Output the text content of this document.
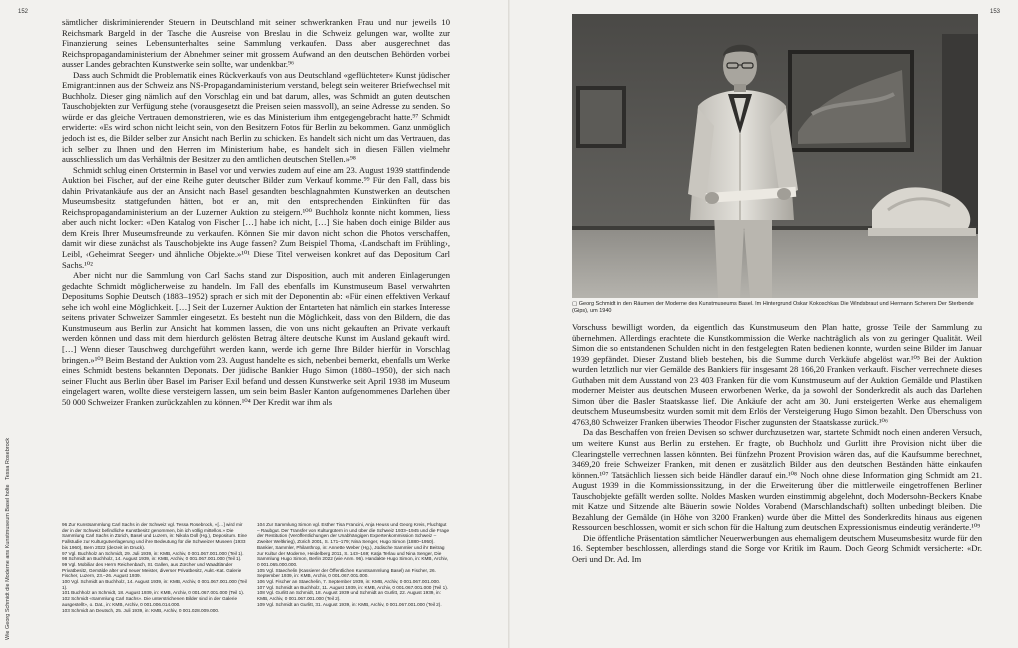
152
Wie Georg Schmidt die Moderne ans Kunstmuseum Basel holte
Tessa Rosebrock

sämtlicher diskriminierender Steuern in Deutschland mit seiner schwerkranken Frau und nur jeweils 10 Reichsmark Bargeld in der Tasche die Ausreise von Breslau in die Schweiz gelungen war, wollte zur Finanzierung seines Lebensunterhaltes seine Sammlung verkaufen. Dass aber ausgerechnet das Reichspropagandaministerium der Abnehmer seiner mit grossem Aufwand an den deutschen Behörden vorbei ausser Landes gebrachten Kunstwerke sein sollte, war undenkbar.⁹⁶

Dass auch Schmidt die Problematik eines Rückverkaufs von aus Deutschland «geflüchteter» Kunst jüdischer Emigrant:innen aus der Schweiz ans NS-Propagandaministerium verstand, belegt sein weiterer Briefwechsel mit Buchholz. Dieser ging nämlich auf den Vorschlag ein und bat darum, alles, was Schmidt an guten deutschen Tauschobjekten zur Verfügung stehe (vorausgesetzt die Preisen seien massvoll), an seine Adresse zu senden. So würde er das gleiche Vertrauen demonstrieren, wie es das Ministerium ihm entgegengebracht hatte.⁹⁷ Schmidt erwiderte: «Es wird schon nicht leicht sein, von den Besitzern Fotos für Berlin zu bekommen. Ganz unmöglich jedoch ist es, die Bilder selber zur Ansicht nach Berlin zu schicken. Es handelt sich nicht um das Vertrauen, das ich selber zu Ihnen und den Herren im Ministerium habe, es handelt sich in diesen Fällen vielmehr ausschliesslich um das Verhältnis der Besitzer zu den amtlichen deutschen Stellen.»⁹⁸

Schmidt schlug einen Ortstermin in Basel vor und verwies zudem auf eine am 23. August 1939 stattfindende Auktion bei Fischer, auf der eine Reihe guter deutscher Bilder zum Verkauf komme.⁹⁹ Für den Fall, dass bis dahin Privatankäufe aus der an Ansicht nach Basel gesandten beschlagnahmten Kunstwerken an deutschen Museumsbesitz stattgefunden hätten, bot er an, mit den entsprechenden Einkünften für das Reichspropagandaministerium an der Luzerner Auktion zu steigern.¹⁰⁰ Buchholz konnte nicht kommen, liess aber auch nicht locker: «Den Katalog von Fischer […] habe ich nicht, […] Sie haben doch einige Bilder aus dem Kreis Ihrer Museumsfreunde zu verkaufen. Können Sie mir davon nicht schon die Photos verschaffen, damit wir diese zunächst als Tauschobjekte ins Auge fassen? Zum Beispiel Thoma, ‹Landschaft im Frühling›, Leibl, ‹Geheimrat Seeger› und ähnliche Objekte.»¹⁰¹ Diese Titel verweisen konkret auf das Depositum Carl Sachs.¹⁰²

Aber nicht nur die Sammlung von Carl Sachs stand zur Disposition, auch mit anderen Einlagerungen gedachte Schmidt möglicherweise zu handeln. Im Fall des ebenfalls im Kunstmuseum Basel verwahrten Depositums Sophie Deutsch (1883–1952) sprach er sich mit der Deponentin ab: «Für einen effektiven Verkauf sehe ich wohl eine Möglichkeit. […] Seit der Luzerner Auktion der Entarteten hat nämlich ein starkes Interesse seitens privater Schweizer Sammler eingesetzt. Es besteht nun die Möglichkeit, dass von den Bildern, die das Kunstmuseum aus Berlin zur Ansicht hat kommen lassen, die von uns nicht gekauften an Private verkauft werden können und dass mit dem hierdurch gelösten Betrag ältere deutsche Kunst im Ausland gekauft wird. […] Wenn dieser Tauschweg durchgeführt werden kann, werde ich gerne Ihre Bilder hierfür in Vorschlag bringen.»¹⁰³ Beim Bestand der Auktion vom 23. August handelte es sich, nebenbei bemerkt, ebenfalls um Werke eines Schmidt bestens bekannten Deponats. Der jüdische Bankier Hugo Simon (1880–1950), der sich nach seiner Flucht aus Berlin über Basel im Pariser Exil befand und dessen Kunstwerke seit April 1938 im Museum eingelagert waren, wollte diese versteigern lassen, um sein beim Basler Kanton aufgenommenes Darlehen über 50 000 Schweizer Franken zurückzahlen zu können.¹⁰⁴ Der Kredit war ihm als

96 Zur Kunstsammlung Carl Sachs in der Schweiz vgl. Tessa Rosebrock, «[…] wird mir der in der Schweiz befindliche Kunstbesitz genommen, bin ich völlig mittellos.» Die Sammlung Carl Sachs in Zürich, Basel und Luzern, in: Nikola Doll (Hg.), Depositum. Eine Fallstudie zur Kulturgutverlagerung und ihre Bedeutung für die Schweizer Museen (1933 bis 1960), Bern 2022 (derzeit im Druck).
97 Vgl. Buchholz an Schmidt, 29. Juli 1939, in: KMB, Archiv, 0 001.067.001.000 (Teil 1).
98 Schmidt an Buchholz, 14. August 1939, in: KMB, Archiv, 0 001.067.001.000 (Teil 1).
99 Vgl. Mobiliar des Herrn Reichenbach, St. Gallen, aus Zürcher und Waadtländer Privatbesitz, Gemälde alter und neuer Meister, diverser Privatbesitz, Aukt.-Kat. Galerie Fischer, Luzern, 23.–26. August 1939.
100 Vgl. Schmidt an Buchholz, 14. August 1939, in: KMB, Archiv, 0 001.067.001.000 (Teil 1).
101 Buchholz an Schmidt, 18. August 1939, in: KMB, Archiv, 0 001.067.001.000 (Teil 1).
102 Schmidt «Sammlung Carl Sachs». Die unterstrichenen Bilder sind in der Galerie ausgestellt», o. Dat., in: KMB, Archiv, 0 001.006.014.000.
103 Schmidt an Deutsch, 25. Juli 1939, in: KMB, Archiv, 0 001.028.009.000.
104 Zur Sammlung Simon vgl. Esther Tisa Francini, Anja Heuss und Georg Kreis, Fluchtgut – Raubgut. Der Transfer von Kulturgütern in und über die Schweiz 1933–1945 und die Frage der Restitution (Veröffentlichungen der Unabhängigen Expertenkommission Schweiz – Zweiter Weltkrieg), Zürich 2001, S. 171–179; Nina Senger, Hugo Simon (1880–1950). Bankier, Sammler, Philanthrop, in: Annette Weber (Hg.), Jüdische Sammler und ihr Beitrag zur Kultur der Moderne, Heidelberg 2011, S. 143–169; Katja Terlau und Nina Senger, Die Sammlung Hugo Simon, Berlin 2022 (wie Anm. 96). Handakte Hugo Simon, in: KMB, Archiv, 0 001.065.000.000.
105 Vgl. Staechelin (Kassierer der Öffentlichen Kunstsammlung Basel) an Fischer, 26. September 1939, in: KMB, Archiv, 0 001.067.001.000.
106 Vgl. Fischer an Staechelin, 7. September 1939, in: KMB, Archiv, 0 001.067.001.000.
107 Vgl. Schmidt an Buchholz, 11. August 1939, in: KMB, Archiv, 0 001.067.001.000 (Teil 1).
108 Vgl. Gurlitt an Schmidt, 18. August 1939 und Schmidt an Gurlitt, 22. August 1939, in: KMB, Archiv, 0 001.067.001.000 (Teil 2).
109 Vgl. Schmidt an Gurlitt, 31. August 1939, in: KMB, Archiv, 0 001.067.001.000 (Teil 2).
153
▢ Georg Schmidt in den Räumen der Moderne des Kunstmuseums Basel. Im Hintergrund Oskar Kokoschkas Die Windsbraut und Hermann Scherers Der Sterbende (Gips), um 1940

Vorschuss bewilligt worden, da eigentlich das Kunstmuseum den Plan hatte, grosse Teile der Sammlung zu übernehmen. Allerdings erachtete die Kunstkommission die Werke nachträglich als von zu geringer Qualität. Weil Simon die so entstandenen Schulden nicht in den festgelegten Raten bedienen konnte, wurden seine Bilder im Januar 1939 gepfändet. Dieser Zustand blieb bestehen, bis die Summe durch Verkäufe abgelöst war.¹⁰⁵ Bei der Auktion wurden letztlich nur vier Gemälde des Bankiers für insgesamt 28 166,20 Franken verkauft. Fischer verrechnete dieses Guthaben mit dem Ausstand von 23 403 Franken für die vom Kunstmuseum auf der Auktion Gemälde und Plastiken moderner Meister aus deutschen Museen erworbenen Werke, da ja sowohl der Sonderkredit als auch das Darlehen Simon über die Basler Staatskasse lief. Die Ankäufe der acht am 30. Juni ersteigerten Werke aus ehemaligem deutschem Museumsbesitz wurden somit mit dem Erlös der Versteigerung Hugo Simon bezahlt. Den Überschuss von 4763,80 Schweizer Franken überwies Theodor Fischer zugunsten der Staatskasse zurück.¹⁰⁶

Da das Beschaffen von freien Devisen so schwer durchzusetzen war, startete Schmidt noch einen anderen Versuch, um weitere Kunst aus Berlin zu erstehen. Er fragte, ob Buchholz und Gurlitt ihre Provision nicht über die Clearingstelle verrechnen lassen könnten. Bei fünfzehn Prozent Provision wären das, auf die Kaufsumme berechnet, 3469,20 freie Schweizer Franken, mit denen er zusätzlich Bilder aus den deutschen Beständen hätte einkaufen können.¹⁰⁷ Tatsächlich liessen sich beide Händler darauf ein.¹⁰⁸ Noch ohne diese Information ging Schmidt am 21. August 1939 in die Kommissionssitzung, in der die Erweiterung über die mittlerweile eingetroffenen Berliner Tauschobjekte gefällt werden sollte. Noldes Masken wurden einstimmig abgelehnt, doch Modersohn-Beckers Knabe mit Katze und Sitzende alte Bäuerin sowie Noldes Vorabend (Marschlandschaft) sollten unbedingt bleiben. Die Bezahlung der Gemälde (in Höhe von 3200 Franken) wurde über die Mittel des Sonderkredits hinaus aus eigenen Ressourcen beschlossen, womit er sich schon für die Haltung zum deutschen Expressionismus eindeutig veränderte.¹⁰⁹

Die öffentliche Präsentation sämtlicher Neuerwerbungen aus ehemaligem deutschem Museumsbesitz wurde für den 16. September beschlossen, allerdings stand die Sorge vor Kritik im Raum. Doch Georg Schmidt versicherte: «Dr. Oeri und Dr. Ad. Im
